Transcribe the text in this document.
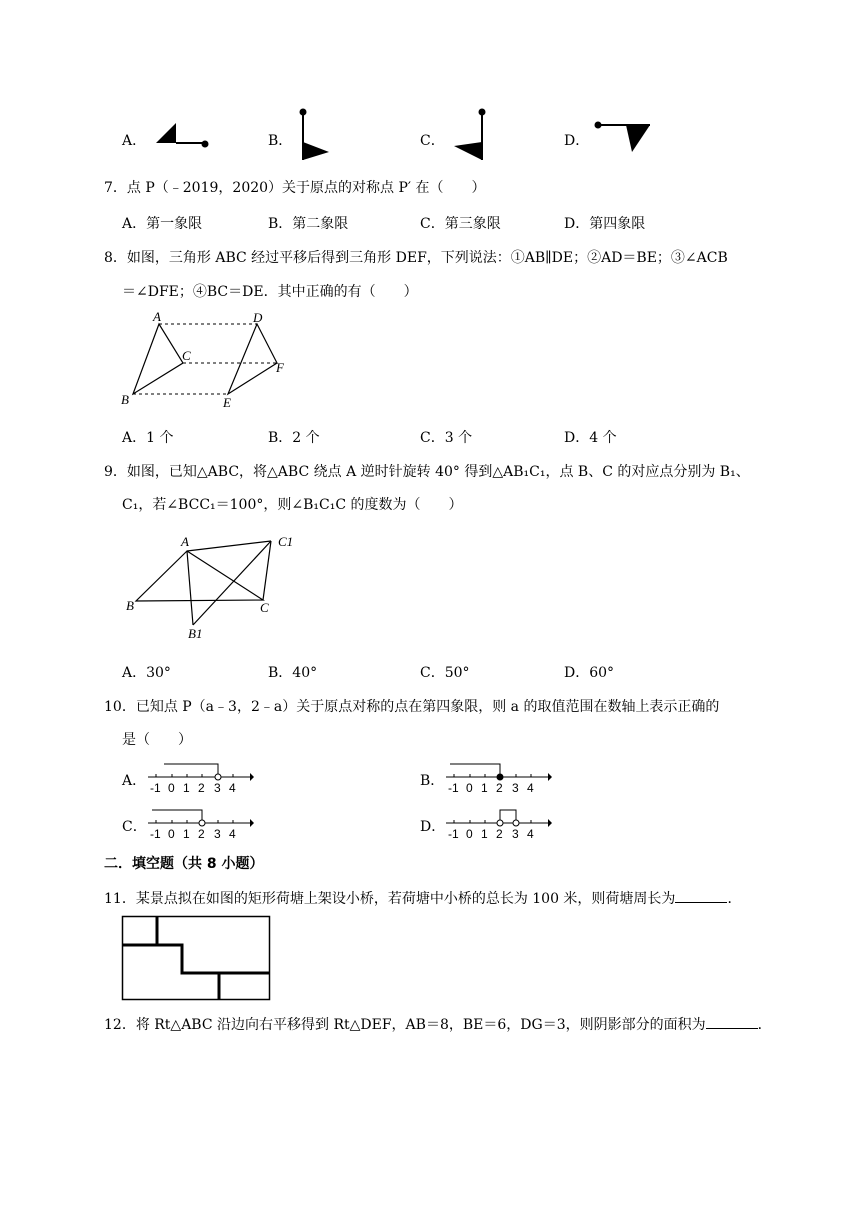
A．	B．	C．	D．
7．点 P（﹣2019，2020）关于原点的对称点 P′ 在（　　）
A．第一象限	B．第二象限	C．第三象限	D．第四象限
8．如图，三角形 ABC 经过平移后得到三角形 DEF，下列说法：①AB∥DE；②AD＝BE；③∠ACB
＝∠DFE；④BC＝DE．其中正确的有（　　）
A
B
C
D
E
F
A．1 个	B．2 个	C．3 个	D．4 个
9．如图，已知△ABC，将△ABC 绕点 A 逆时针旋转 40° 得到△AB₁C₁，点 B、C 的对应点分别为 B₁、
C₁，若∠BCC₁＝100°，则∠B₁C₁C 的度数为（　　）
A
B	C
B1
C1
A．30°	B．40°	C．50°	D．60°
10．已知点 P（a﹣3，2﹣a）关于原点对称的点在第四象限，则 a 的取值范围在数轴上表示正确的
是（　　）
A． -1 0 1 2 3 4	B． -1 0 1 2 3 4
C． -1 0 1 2 3 4	D． -1 0 1 2 3 4
二．填空题（共 8 小题）
11．某景点拟在如图的矩形荷塘上架设小桥，若荷塘中小桥的总长为 100 米，则荷塘周长为	．
12．将 Rt△ABC 沿边向右平移得到 Rt△DEF，AB＝8，BE＝6，DG＝3，则阴影部分的面积为	．
